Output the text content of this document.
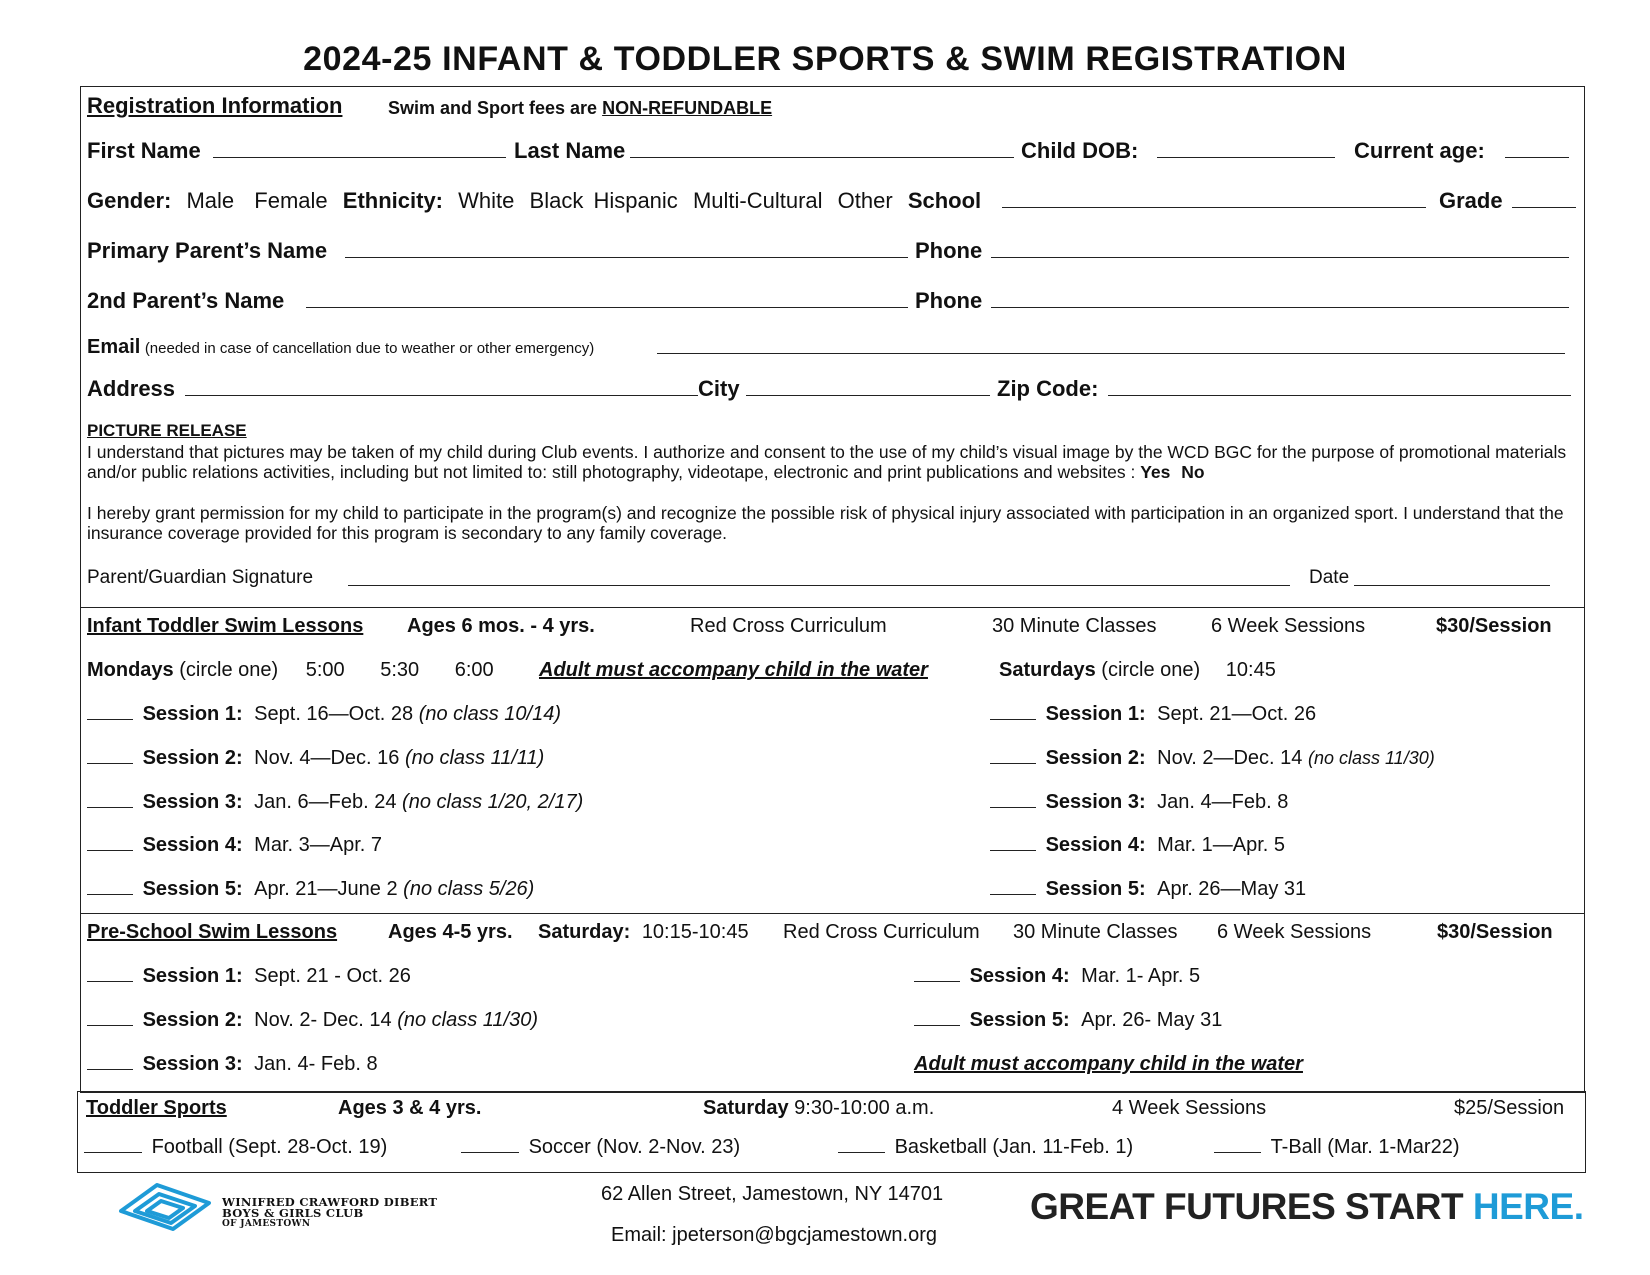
2024-25 INFANT & TODDLER SPORTS & SWIM REGISTRATION
Registration Information	Swim and Sport fees are NON-REFUNDABLE
First Name	Last Name	Child DOB:	Current age:
Gender: Male Female Ethnicity: White Black Hispanic Multi-Cultural Other School	Grade
Primary Parent’s Name	Phone
2nd Parent’s Name	Phone
Email (needed in case of cancellation due to weather or other emergency)
Address	City	Zip Code:
PICTURE RELEASE
I understand that pictures may be taken of my child during Club events. I authorize and consent to the use of my child’s visual image by the WCD BGC for the purpose of promotional materials and/or public relations activities, including but not limited to: still photography, videotape, electronic and print publications and websites : Yes No
I hereby grant permission for my child to participate in the program(s) and recognize the possible risk of physical injury associated with participation in an organized sport. I understand that the insurance coverage provided for this program is secondary to any family coverage.
Parent/Guardian Signature	Date
Infant Toddler Swim Lessons Ages 6 mos. - 4 yrs.	Red Cross Curriculum	30 Minute Classes	6 Week Sessions	$30/Session
Mondays (circle one) 5:00 5:30 6:00 Adult must accompany child in the water	Saturdays (circle one) 10:45
Session 1: Sept. 16—Oct. 28 (no class 10/14)
Session 2: Nov. 4—Dec. 16 (no class 11/11)
Session 3: Jan. 6—Feb. 24 (no class 1/20, 2/17)
Session 4: Mar. 3—Apr. 7
Session 5: Apr. 21—June 2 (no class 5/26)
Session 1: Sept. 21—Oct. 26
Session 2: Nov. 2—Dec. 14 (no class 11/30)
Session 3: Jan. 4—Feb. 8
Session 4: Mar. 1—Apr. 5
Session 5: Apr. 26—May 31
Pre-School Swim Lessons	Ages 4-5 yrs. Saturday: 10:15-10:45 Red Cross Curriculum 30 Minute Classes 6 Week Sessions	$30/Session
Session 1: Sept. 21 - Oct. 26
Session 2: Nov. 2- Dec. 14 (no class 11/30)
Session 3: Jan. 4- Feb. 8
Session 4: Mar. 1- Apr. 5
Session 5: Apr. 26- May 31
Adult must accompany child in the water
Toddler Sports	Ages 3 & 4 yrs.	Saturday 9:30-10:00 a.m.	4 Week Sessions	$25/Session
Football (Sept. 28-Oct. 19)	Soccer (Nov. 2-Nov. 23)	Basketball (Jan. 11-Feb. 1)	T-Ball (Mar. 1-Mar22)
WINIFRED CRAWFORD DIBERT
BOYS & GIRLS CLUB
OF JAMESTOWN
62 Allen Street, Jamestown, NY 14701
Email: jpeterson@bgcjamestown.org
GREAT FUTURES START HERE.
